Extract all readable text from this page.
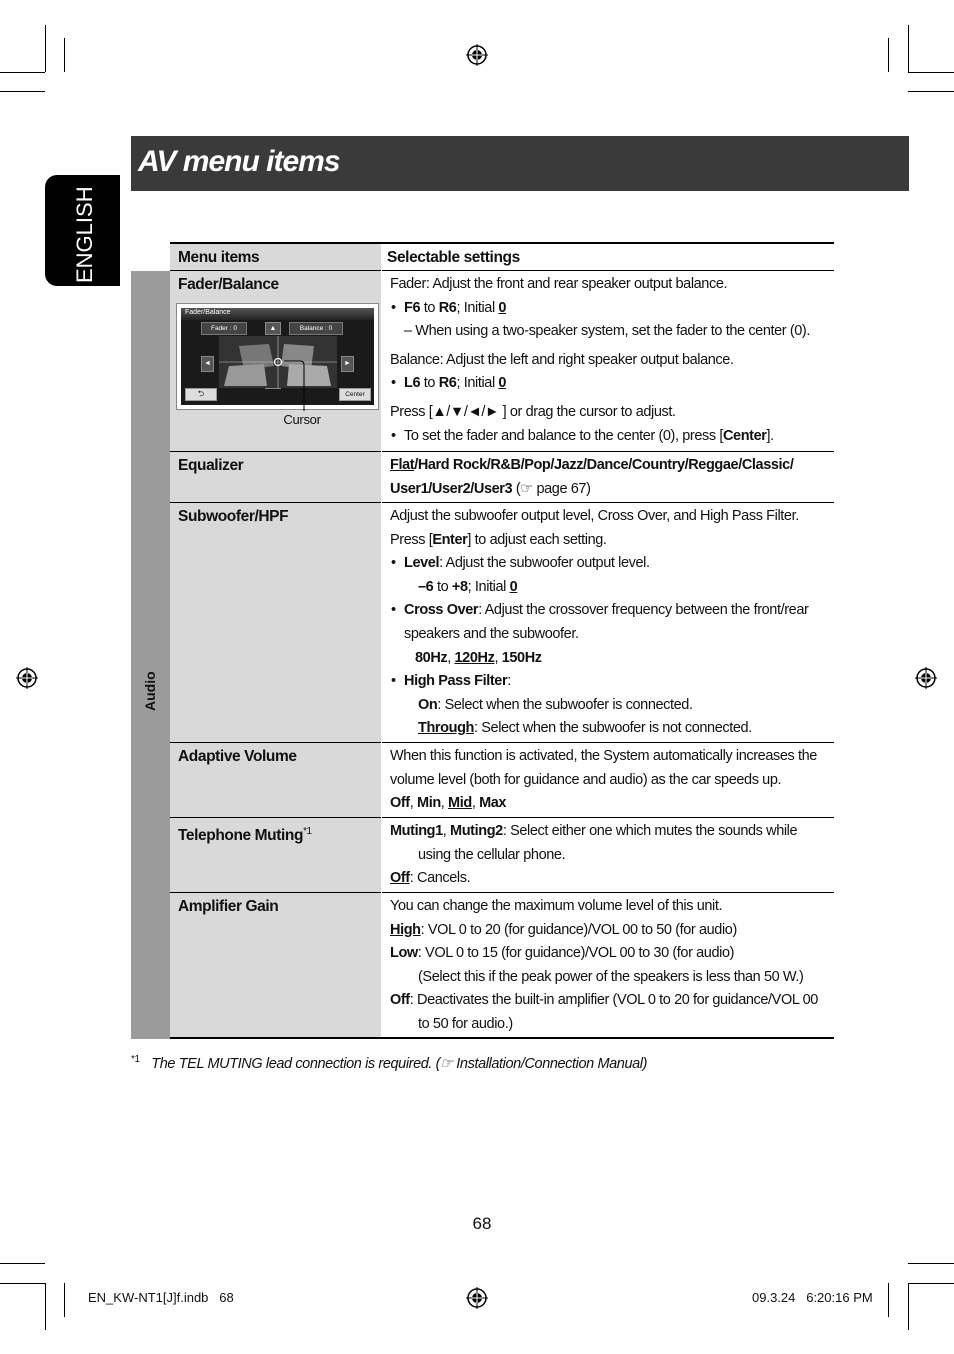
ENGLISH
AV menu items
Menu items	Selectable settings
Audio
Fader/Balance	Fader: Adjust the front and rear speaker output balance.

• F6 to R6; Initial 0

• – When using a two-speaker system, set the fader to the center (0).

Balance: Adjust the left and right speaker output balance.

• L6 to R6; Initial 0

Press [▲/▼/◄/► ] or drag the cursor to adjust.

• To set the fader and balance to the center (0), press [Center].

Equalizer	Flat/Hard Rock/R&B/Pop/Jazz/Dance/Country/Reggae/Classic/

User1/User2/User3 (☞ page 67)

Subwoofer/HPF	Adjust the subwoofer output level, Cross Over, and High Pass Filter.

Press [Enter] to adjust each setting.

• Level: Adjust the subwoofer output level.

–6 to +8; Initial 0

• Cross Over: Adjust the crossover frequency between the front/rear speakers and the subwoofer.

80Hz, 120Hz, 150Hz

• High Pass Filter:

On: Select when the subwoofer is connected.

Through: Select when the subwoofer is not connected.

Adaptive Volume	When this function is activated, the System automatically increases the volume level (both for guidance and audio) as the car speeds up.

Off, Min, Mid, Max

Telephone Muting$^{*1}$	Muting1, Muting2: Select either one which mutes the sounds while using the cellular phone.

Off: Cancels.

Amplifier Gain	You can change the maximum volume level of this unit.

High: VOL 0 to 20 (for guidance)/VOL 00 to 50 (for audio)

Low: VOL 0 to 15 (for guidance)/VOL 00 to 30 (for audio)

(Select this if the peak power of the speakers is less than 50 W.)

Off: Deactivates the built-in amplifier (VOL 0 to 20 for guidance/VOL 00 to 50 for audio.)

Fader/Balance
Fader : 0	Balance : 0
▲
◄	►
⮌	Center
Cursor
$^{*1}$ The TEL MUTING lead connection is required. (☞ Installation/Connection Manual)
68
EN_KW-NT1[J]f.indb   68	09.3.24   6:20:16 PM
